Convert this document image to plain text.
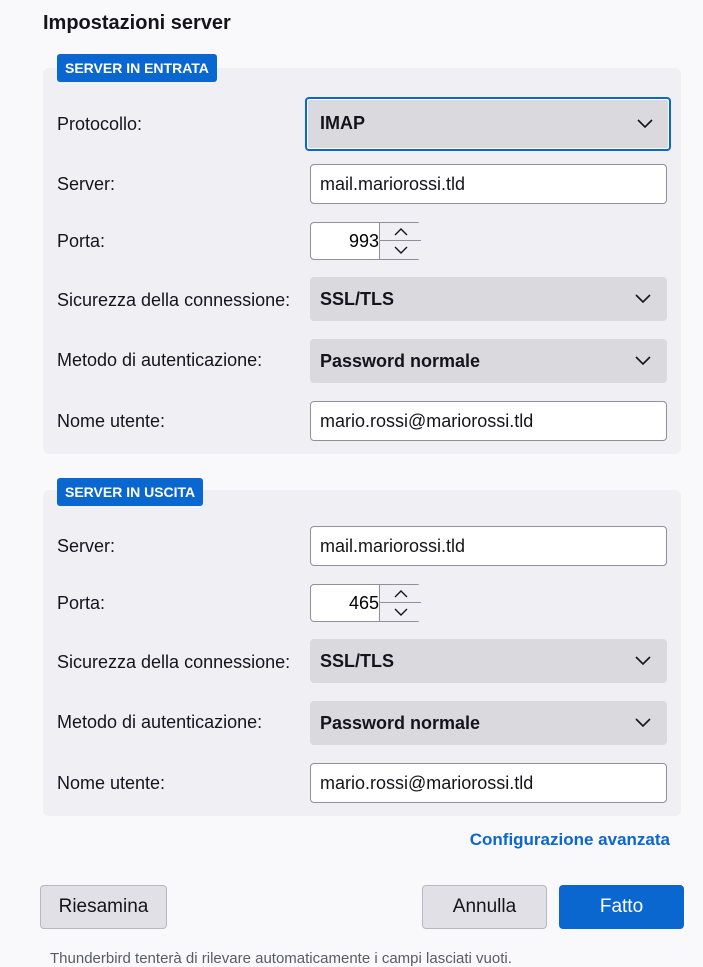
Impostazioni server
SERVER IN ENTRATA
Protocollo:	IMAP
Server:
mail.mariorossi.tld
Porta:
993
Sicurezza della connessione:	SSL/TLS
Metodo di autenticazione:	Password normale
Nome utente:
mario.rossi@mariorossi.tld
SERVER IN USCITA
Server:
mail.mariorossi.tld
Porta:
465
Sicurezza della connessione:	SSL/TLS
Metodo di autenticazione:	Password normale
Nome utente:
mario.rossi@mariorossi.tld
Configurazione avanzata
Riesamina	Annulla	Fatto
Thunderbird tenterà di rilevare automaticamente i campi lasciati vuoti.
